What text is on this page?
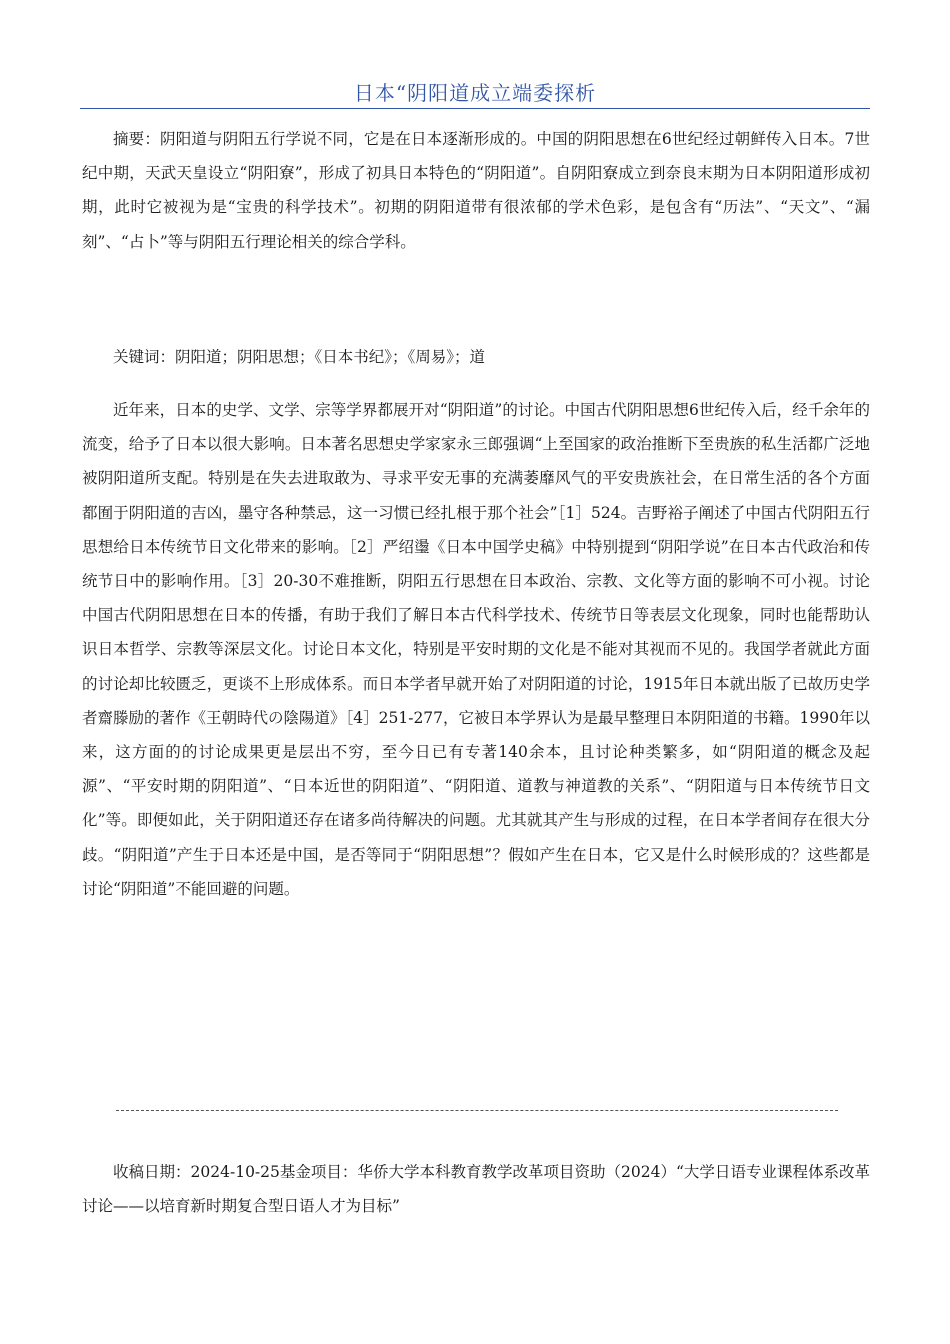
日本“阴阳道成立端委探析

摘要：阴阳道与阴阳五行学说不同，它是在日本逐渐形成的。中国的阴阳思想在6世纪经过朝鲜传入日本。7世纪中期，天武天皇设立“阴阳寮”，形成了初具日本特色的“阴阳道”。自阴阳寮成立到奈良末期为日本阴阳道形成初期，此时它被视为是“宝贵的科学技术”。初期的阴阳道带有很浓郁的学术色彩，是包含有“历法”、“天文”、“漏刻”、“占卜”等与阴阳五行理论相关的综合学科。

关键词：阴阳道；阴阳思想；《日本书纪》；《周易》；道

近年来，日本的史学、文学、宗等学界都展开对“阴阳道”的讨论。中国古代阴阳思想6世纪传入后，经千余年的流变，给予了日本以很大影响。日本著名思想史学家家永三郎强调“上至国家的政治推断下至贵族的私生活都广泛地被阴阳道所支配。特别是在失去进取敢为、寻求平安无事的充满萎靡风气的平安贵族社会，在日常生活的各个方面都囿于阴阳道的吉凶，墨守各种禁忌，这一习惯已经扎根于那个社会”［1］524。吉野裕子阐述了中国古代阴阳五行思想给日本传统节日文化带来的影响。［2］严绍璗《日本中国学史稿》中特别提到“阴阳学说”在日本古代政治和传统节日中的影响作用。［3］20-30不难推断，阴阳五行思想在日本政治、宗教、文化等方面的影响不可小视。讨论中国古代阴阳思想在日本的传播，有助于我们了解日本古代科学技术、传统节日等表层文化现象，同时也能帮助认识日本哲学、宗教等深层文化。讨论日本文化，特别是平安时期的文化是不能对其视而不见的。我国学者就此方面的讨论却比较匮乏，更谈不上形成体系。而日本学者早就开始了对阴阳道的讨论，1915年日本就出版了已故历史学者齋滕励的著作《王朝時代の陰陽道》［4］251-277，它被日本学界认为是最早整理日本阴阳道的书籍。1990年以来，这方面的的讨论成果更是层出不穷，至今日已有专著140余本，且讨论种类繁多，如“阴阳道的概念及起源”、“平安时期的阴阳道”、“日本近世的阴阳道”、“阴阳道、道教与神道教的关系”、“阴阳道与日本传统节日文化”等。即便如此，关于阴阳道还存在诸多尚待解决的问题。尤其就其产生与形成的过程，在日本学者间存在很大分歧。“阴阳道”产生于日本还是中国，是否等同于“阴阳思想”？假如产生在日本，它又是什么时候形成的？这些都是讨论“阴阳道”不能回避的问题。

收稿日期：2024-10-25基金项目：华侨大学本科教育教学改革项目资助（2024）“大学日语专业课程体系改革讨论——以培育新时期复合型日语人才为目标”
